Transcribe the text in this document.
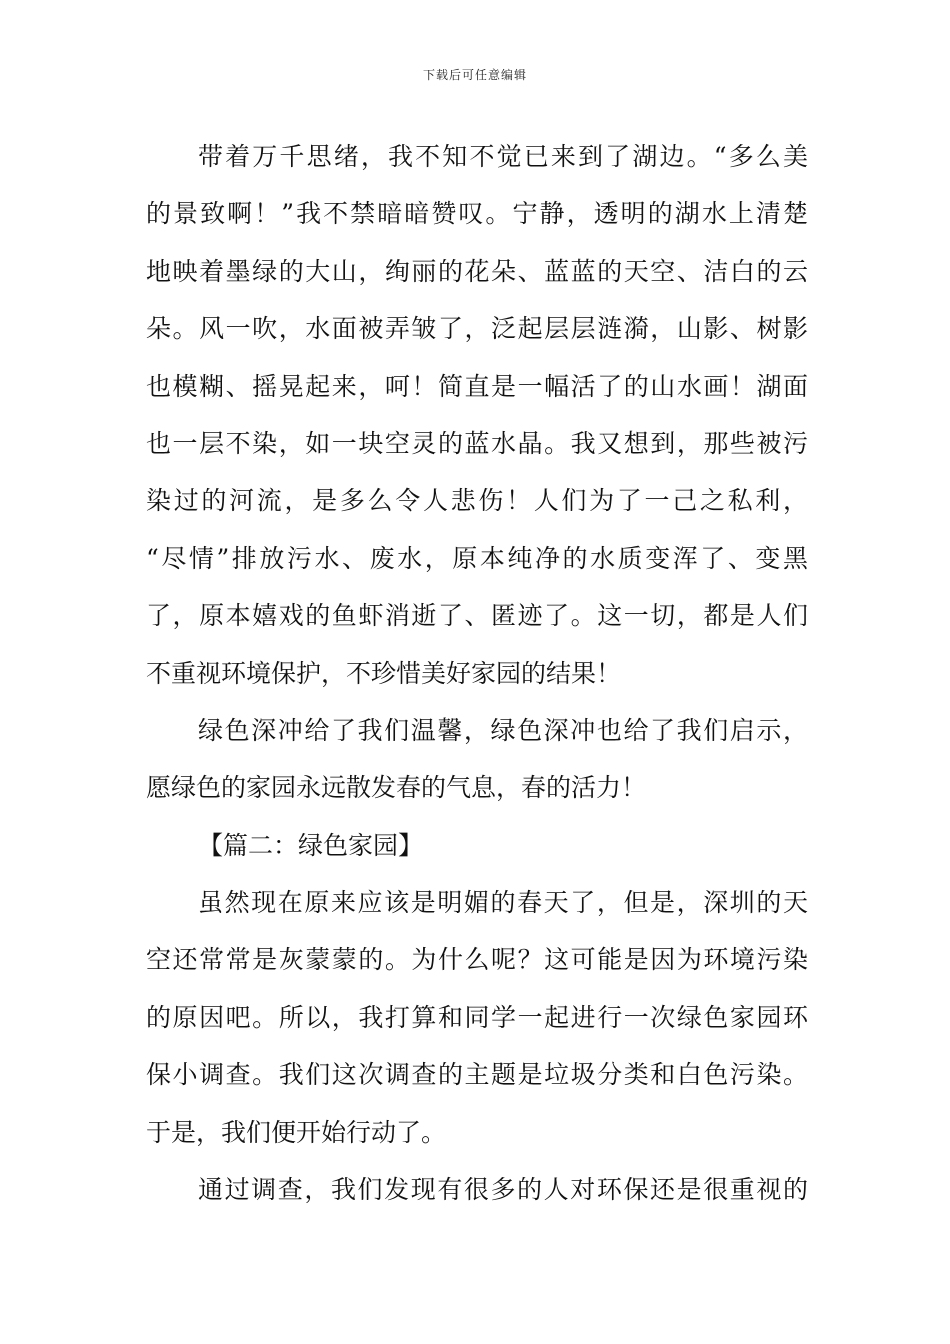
下载后可任意编辑
带着万千思绪，我不知不觉已来到了湖边。“多么美
的景致啊！”我不禁暗暗赞叹。宁静，透明的湖水上清楚
地映着墨绿的大山，绚丽的花朵、蓝蓝的天空、洁白的云
朵。风一吹，水面被弄皱了，泛起层层涟漪，山影、树影
也模糊、摇晃起来，呵！简直是一幅活了的山水画！湖面
也一层不染，如一块空灵的蓝水晶。我又想到，那些被污
染过的河流，是多么令人悲伤！人们为了一己之私利，
“尽情”排放污水、废水，原本纯净的水质变浑了、变黑
了，原本嬉戏的鱼虾消逝了、匿迹了。这一切，都是人们
不重视环境保护，不珍惜美好家园的结果！
绿色深冲给了我们温馨，绿色深冲也给了我们启示，
愿绿色的家园永远散发春的气息，春的活力！
【篇二：绿色家园】
虽然现在原来应该是明媚的春天了，但是，深圳的天
空还常常是灰蒙蒙的。为什么呢？这可能是因为环境污染
的原因吧。所以，我打算和同学一起进行一次绿色家园环
保小调查。我们这次调查的主题是垃圾分类和白色污染。
于是，我们便开始行动了。
通过调查，我们发现有很多的人对环保还是很重视的
